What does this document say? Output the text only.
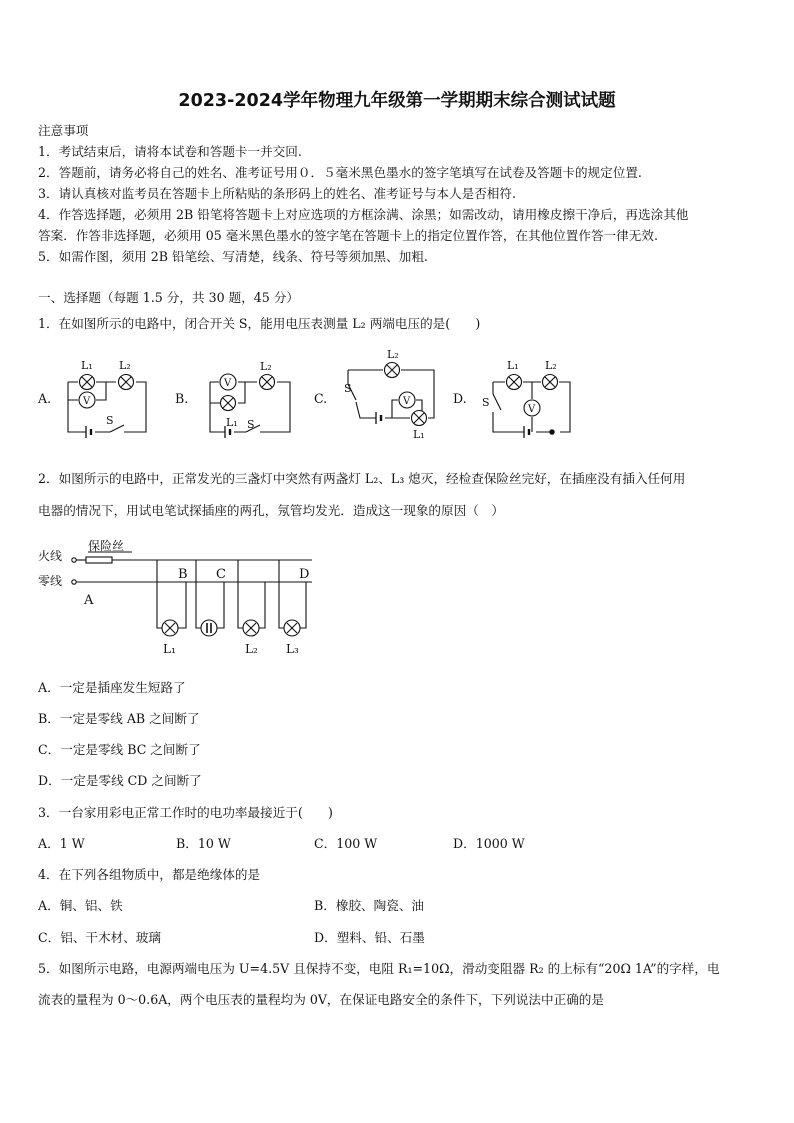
2023-2024学年物理九年级第一学期期末综合测试试题
注意事项
1．考试结束后，请将本试卷和答题卡一并交回.
2．答题前，请务必将自己的姓名、准考证号用０．５毫米黑色墨水的签字笔填写在试卷及答题卡的规定位置.
3．请认真核对监考员在答题卡上所粘贴的条形码上的姓名、准考证号与本人是否相符.
4．作答选择题，必须用 2B 铅笔将答题卡上对应选项的方框涂满、涂黑；如需改动，请用橡皮擦干净后，再选涂其他
答案．作答非选择题，必须用 05 毫米黑色墨水的签字笔在答题卡上的指定位置作答，在其他位置作答一律无效.
5．如需作图，须用 2B 铅笔绘、写清楚，线条、符号等须加黑、加粗.
一、选择题（每题 1.5 分，共 30 题，45 分）
1．在如图所示的电路中，闭合开关 S，能用电压表测量 L₂ 两端电压的是(　　)
A.	B.	C.	D.
L₁ L₂
V
S
V
L₂
L₁ S
L₂
S
V
L₁
L₁ L₂
S
V
2．如图所示的电路中，正常发光的三盏灯中突然有两盏灯 L₂、L₃ 熄灭，经检查保险丝完好，在插座没有插入任何用
电器的情况下，用试电笔试探插座的两孔，氖管均发光．造成这一现象的原因（　）
火线
零线
保险丝
A
B C	D
L₁	L₂ L₃
A．一定是插座发生短路了
B．一定是零线 AB 之间断了
C．一定是零线 BC 之间断了
D．一定是零线 CD 之间断了
3．一台家用彩电正常工作时的电功率最接近于(　　)
A．1 W	B．10 W	C．100 W	D．1000 W
4．在下列各组物质中，都是绝缘体的是
A．铜、铝、铁	B．橡胶、陶瓷、油
C．铝、干木材、玻璃	D．塑料、铅、石墨
5．如图所示电路，电源两端电压为 U=4.5V 且保持不变，电阻 R₁=10Ω，滑动变阻器 R₂ 的上标有“20Ω 1A”的字样，电
流表的量程为 0～0.6A，两个电压表的量程均为 0V，在保证电路安全的条件下，下列说法中正确的是
